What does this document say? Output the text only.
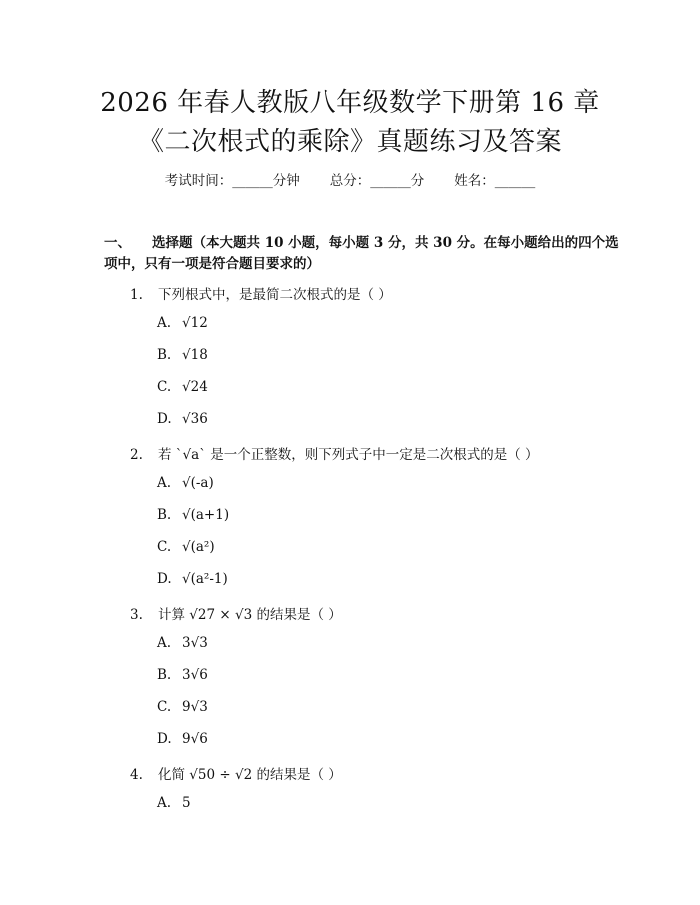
2026 年春人教版八年级数学下册第 16 章
《二次根式的乘除》真题练习及答案
考试时间：______分钟 总分：______分 姓名：______
一、 选择题（本大题共 10 小题，每小题 3 分，共 30 分。在每小题给出的四个选
项中，只有一项是符合题目要求的）
1. 下列根式中，是最简二次根式的是（ ）
A. √12
B. √18
C. √24
D. √36
2. 若 `√a` 是一个正整数，则下列式子中一定是二次根式的是（ ）
A. √(-a)
B. √(a+1)
C. √(a²)
D. √(a²-1)
3. 计算 √27 × √3 的结果是（ ）
A. 3√3
B. 3√6
C. 9√3
D. 9√6
4. 化简 √50 ÷ √2 的结果是（ ）
A. 5
